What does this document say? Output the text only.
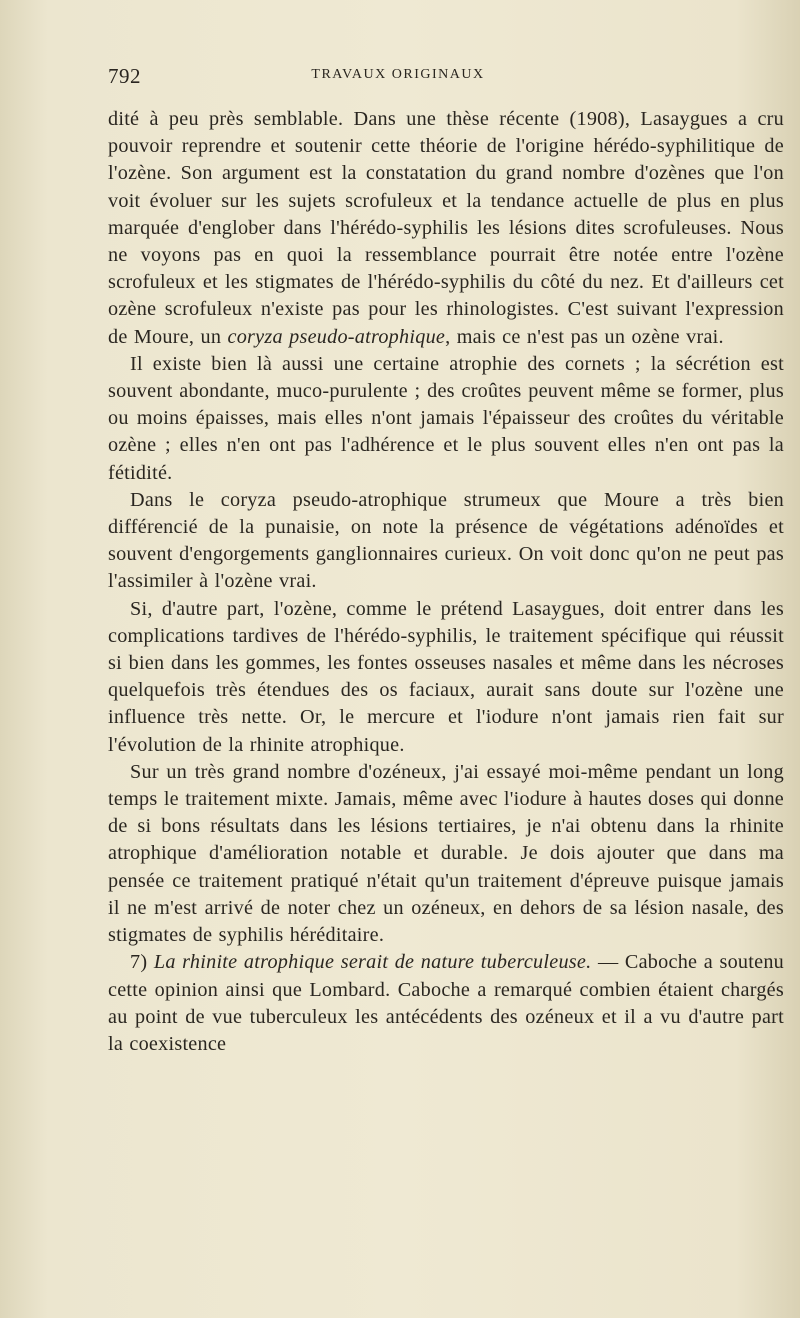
792	TRAVAUX ORIGINAUX

dité à peu près semblable. Dans une thèse récente (1908), Lasaygues a cru pouvoir reprendre et soutenir cette théorie de l'origine hérédo-syphilitique de l'ozène. Son argument est la constatation du grand nombre d'ozènes que l'on voit évoluer sur les sujets scrofuleux et la tendance actuelle de plus en plus marquée d'englober dans l'hérédo-syphilis les lésions dites scrofuleuses. Nous ne voyons pas en quoi la ressemblance pourrait être notée entre l'ozène scrofuleux et les stigmates de l'hérédo-syphilis du côté du nez. Et d'ailleurs cet ozène scrofuleux n'existe pas pour les rhinologistes. C'est suivant l'expression de Moure, un coryza pseudo-atrophique, mais ce n'est pas un ozène vrai.

Il existe bien là aussi une certaine atrophie des cornets ; la sécrétion est souvent abondante, muco-purulente ; des croûtes peuvent même se former, plus ou moins épaisses, mais elles n'ont jamais l'épaisseur des croûtes du véritable ozène ; elles n'en ont pas l'adhérence et le plus souvent elles n'en ont pas la fétidité.

Dans le coryza pseudo-atrophique strumeux que Moure a très bien différencié de la punaisie, on note la présence de végétations adénoïdes et souvent d'engorgements ganglionnaires curieux. On voit donc qu'on ne peut pas l'assimiler à l'ozène vrai.

Si, d'autre part, l'ozène, comme le prétend Lasaygues, doit entrer dans les complications tardives de l'hérédo-syphilis, le traitement spécifique qui réussit si bien dans les gommes, les fontes osseuses nasales et même dans les nécroses quelquefois très étendues des os faciaux, aurait sans doute sur l'ozène une influence très nette. Or, le mercure et l'iodure n'ont jamais rien fait sur l'évolution de la rhinite atrophique.

Sur un très grand nombre d'ozéneux, j'ai essayé moi-même pendant un long temps le traitement mixte. Jamais, même avec l'iodure à hautes doses qui donne de si bons résultats dans les lésions tertiaires, je n'ai obtenu dans la rhinite atrophique d'amélioration notable et durable. Je dois ajouter que dans ma pensée ce traitement pratiqué n'était qu'un traitement d'épreuve puisque jamais il ne m'est arrivé de noter chez un ozéneux, en dehors de sa lésion nasale, des stigmates de syphilis héréditaire.

7) La rhinite atrophique serait de nature tuberculeuse. — Caboche a soutenu cette opinion ainsi que Lombard. Caboche a remarqué combien étaient chargés au point de vue tuberculeux les antécédents des ozéneux et il a vu d'autre part la coexistence
